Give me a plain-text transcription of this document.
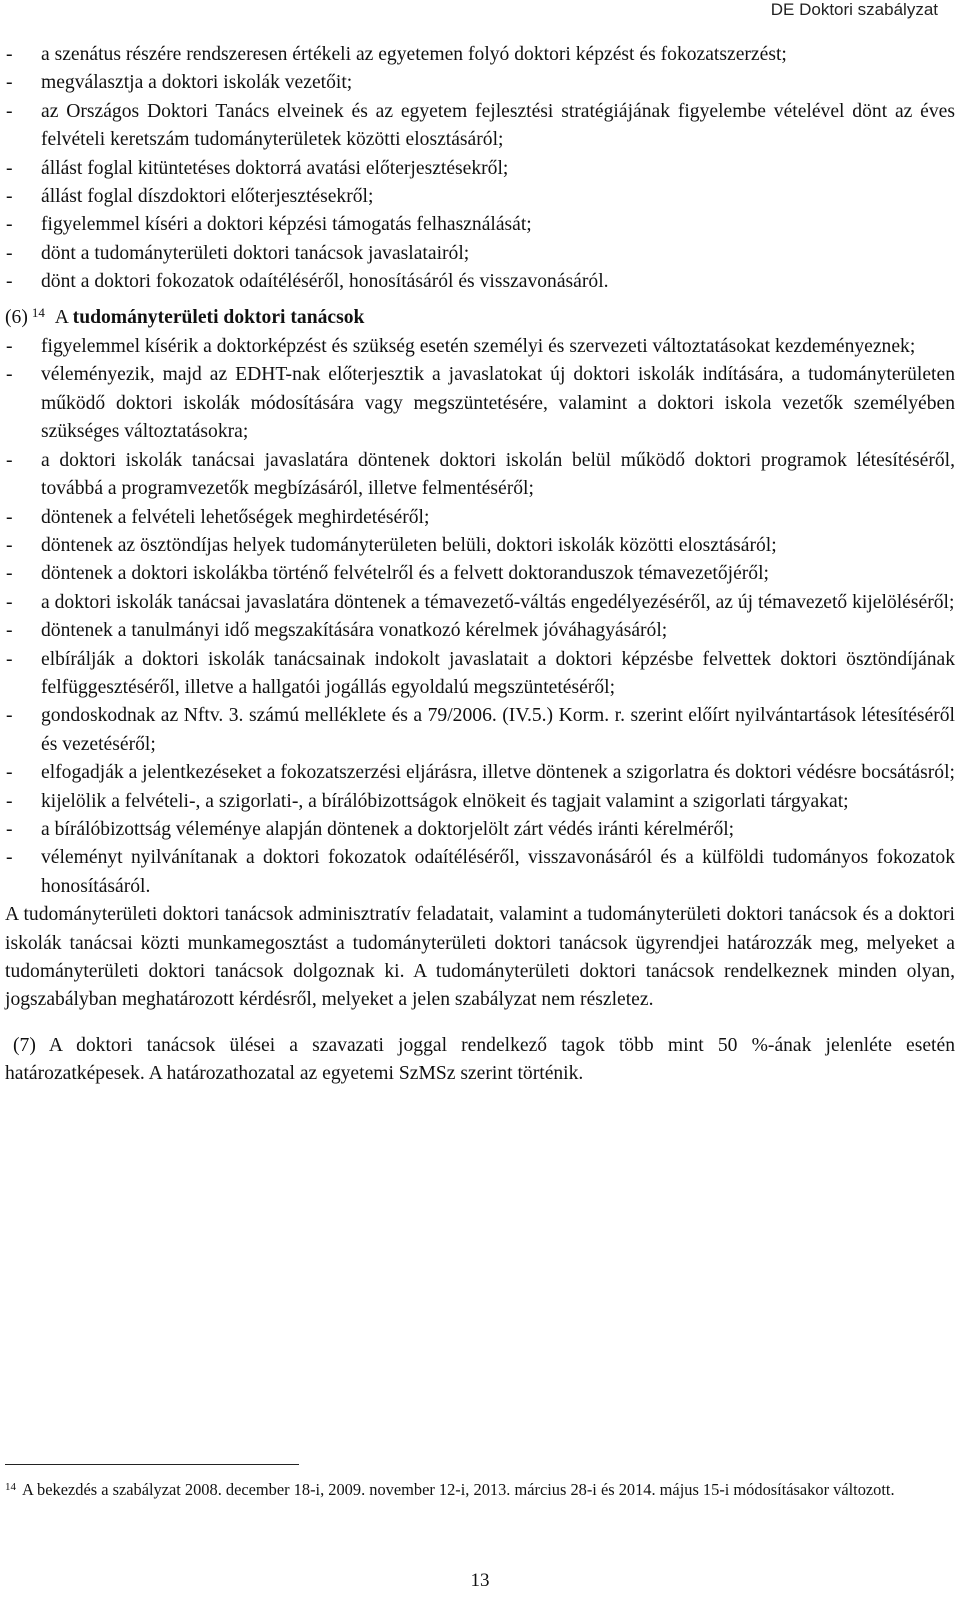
DE Doktori szabályzat
- a szenátus részére rendszeresen értékeli az egyetemen folyó doktori képzést és fokozatszerzést;
- megválasztja a doktori iskolák vezetőit;
- az Országos Doktori Tanács elveinek és az egyetem fejlesztési stratégiájának figyelembe vételével dönt az éves felvételi keretszám tudományterületek közötti elosztásáról;
- állást foglal kitüntetéses doktorrá avatási előterjesztésekről;
- állást foglal díszdoktori előterjesztésekről;
- figyelemmel kíséri a doktori képzési támogatás felhasználását;
- dönt a tudományterületi doktori tanácsok javaslatairól;
- dönt a doktori fokozatok odaítéléséről, honosításáról és visszavonásáról.
(6) $^{14}$ A tudományterületi doktori tanácsok
- figyelemmel kísérik a doktorképzést és szükség esetén személyi és szervezeti változtatásokat kezdeményeznek;
- véleményezik, majd az EDHT-nak előterjesztik a javaslatokat új doktori iskolák indítására, a tudományterületen működő doktori iskolák módosítására vagy megszüntetésére, valamint a doktori iskola vezetők személyében szükséges változtatásokra;
- a doktori iskolák tanácsai javaslatára döntenek doktori iskolán belül működő doktori programok létesítéséről, továbbá a programvezetők megbízásáról, illetve felmentéséről;
- döntenek a felvételi lehetőségek meghirdetéséről;
- döntenek az ösztöndíjas helyek tudományterületen belüli, doktori iskolák közötti elosztásáról;
- döntenek a doktori iskolákba történő felvételről és a felvett doktoranduszok témavezetőjéről;
- a doktori iskolák tanácsai javaslatára döntenek a témavezető-váltás engedélyezéséről, az új témavezető kijelöléséről;
- döntenek a tanulmányi idő megszakítására vonatkozó kérelmek jóváhagyásáról;
- elbírálják a doktori iskolák tanácsainak indokolt javaslatait a doktori képzésbe felvettek doktori ösztöndíjának felfüggesztéséről, illetve a hallgatói jogállás egyoldalú megszüntetéséről;
- gondoskodnak az Nftv. 3. számú melléklete és a 79/2006. (IV.5.) Korm. r. szerint előírt nyilvántartások létesítéséről és vezetéséről;
- elfogadják a jelentkezéseket a fokozatszerzési eljárásra, illetve döntenek a szigorlatra és doktori védésre bocsátásról;
- kijelölik a felvételi-, a szigorlati-, a bírálóbizottságok elnökeit és tagjait valamint a szigorlati tárgyakat;
- a bírálóbizottság véleménye alapján döntenek a doktorjelölt zárt védés iránti kérelméről;
- véleményt nyilvánítanak a doktori fokozatok odaítéléséről, visszavonásáról és a külföldi tudományos fokozatok honosításáról.
A tudományterületi doktori tanácsok adminisztratív feladatait, valamint a tudományterületi doktori tanácsok és a doktori iskolák tanácsai közti munkamegosztást a tudományterületi doktori tanácsok ügyrendjei határozzák meg, melyeket a tudományterületi doktori tanácsok dolgoznak ki. A tudományterületi doktori tanácsok rendelkeznek minden olyan, jogszabályban meghatározott kérdésről, melyeket a jelen szabályzat nem részletez.
(7) A doktori tanácsok ülései a szavazati joggal rendelkező tagok több mint 50 %-ának jelenléte esetén határozatképesek. A határozathozatal az egyetemi SzMSz szerint történik.
$^{14}$ A bekezdés a szabályzat 2008. december 18-i, 2009. november 12-i, 2013. március 28-i és 2014. május 15-i módosításakor változott.
13
